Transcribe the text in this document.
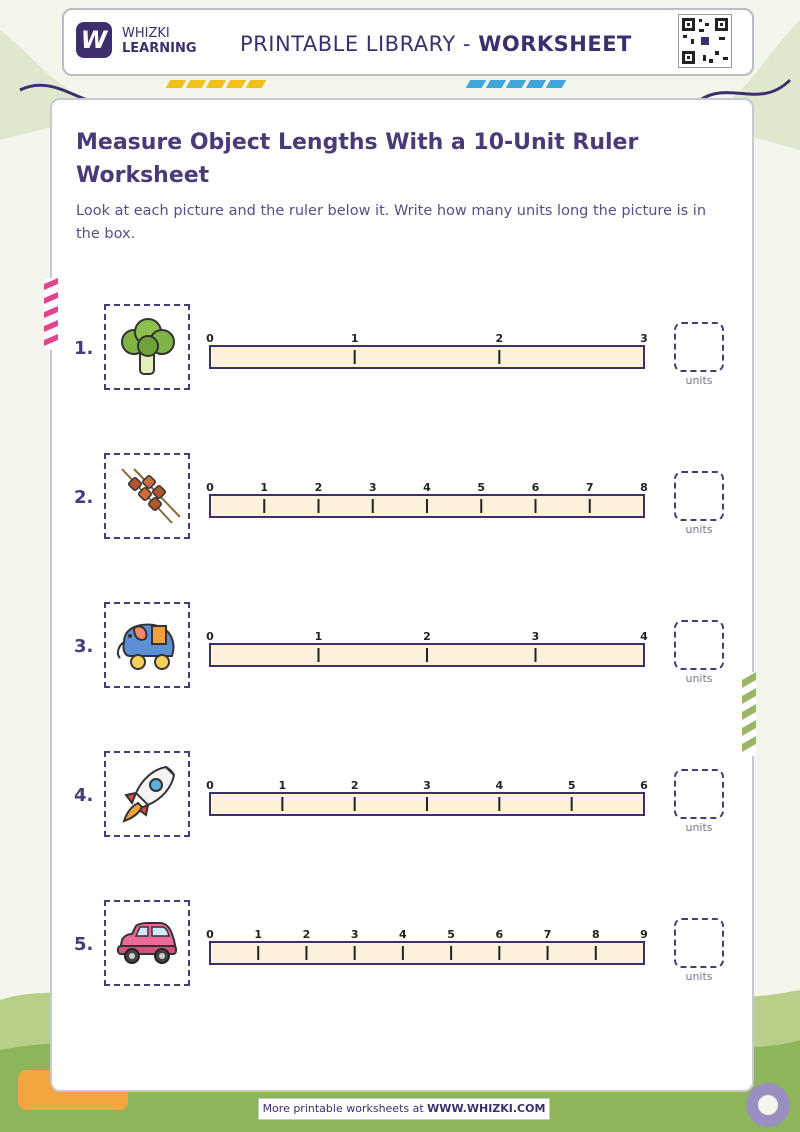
W	WHIZKI
LEARNING PRINTABLE LIBRARY - WORKSHEET
Measure Object Lengths With a 10-Unit Ruler Worksheet
Look at each picture and the ruler below it. Write how many units long the picture is in the box.
1.	0	1	2	3
units
2.	0	1	2	3	4	5	6	7	8
units
3.	0	1	2	3	4
units
4.	0	1	2	3	4	5	6
units
5.	0	1	2	3	4	5	6	7	8	9
units
More printable worksheets at WWW.WHIZKI.COM
